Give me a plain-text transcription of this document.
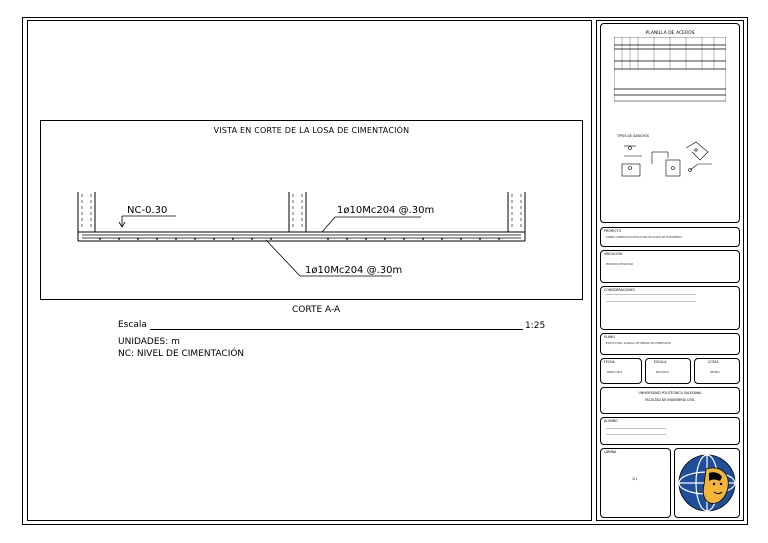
VISTA EN CORTE DE LA LOSA DE CIMENTACIÓN
NC-0.30	1ø10Mc204 @.30m
1ø10Mc204 @.30m
CORTE A-A
Escala	1:25
UNIDADES: m
NC: NIVEL DE CIMENTACIÓN
PLANILLA DE ACEROS
TIPOS DE GANCHOS
PROYECTO
DISEÑO CIMENTACIÓN ESTRUCTURA DE PLANTA DE TRATAMIENTO
UBICACIÓN
PROVINCIA DE BOLÍVAR
CONSIDERACIONES
PLANO
ESTRUCTURAL: PLANILLA DE HIERROS DE CIMENTACIÓN
FECHA	ESCALA	COTAS
MARZO 2019	INDICADAS	METROS
UNIVERSIDAD POLITÉCNICA SALESIANA
FACULTAD DE INGENIERÍA CIVIL
ALUMNO
LÁMINA
1/1
